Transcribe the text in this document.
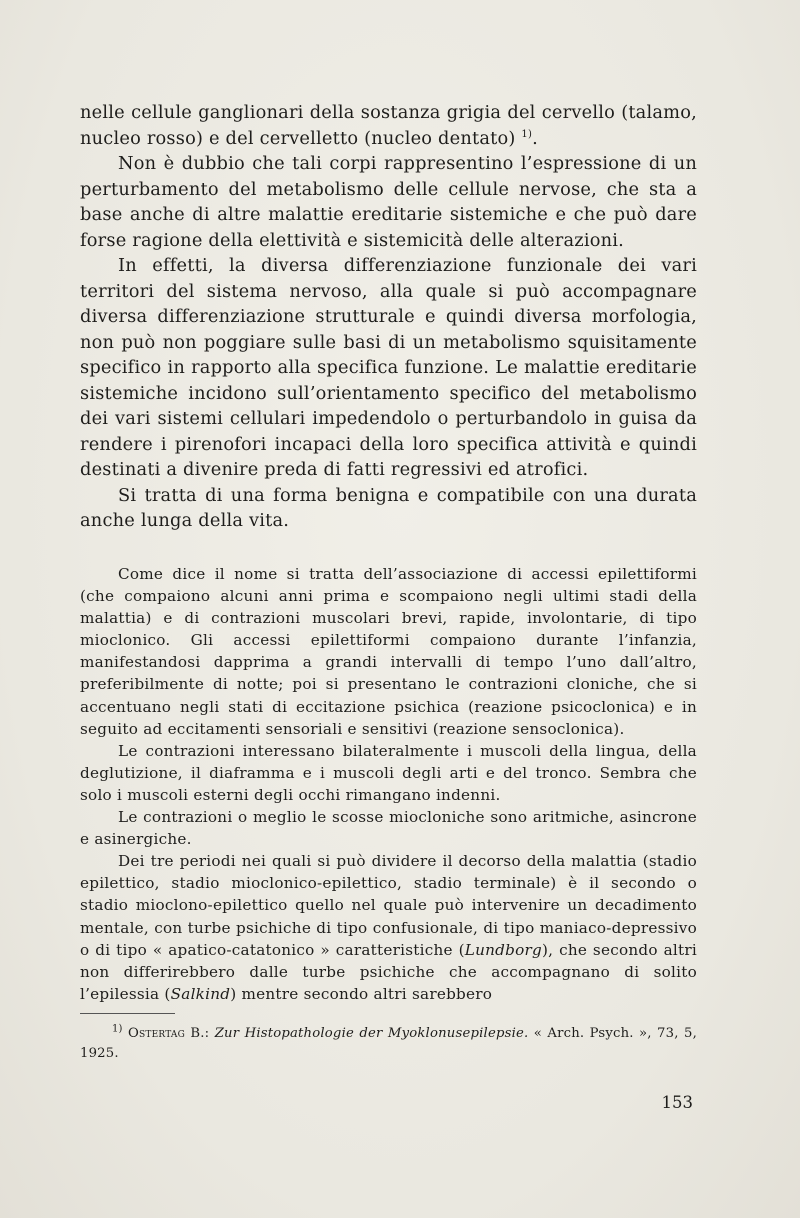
nelle cellule ganglionari della sostanza grigia del cervello (talamo, nucleo rosso) e del cervelletto (nucleo dentato) $^{1)}$.

Non è dubbio che tali corpi rappresentino l’espressione di un perturbamento del metabolismo delle cellule nervose, che sta a base anche di altre malattie ereditarie sistemiche e che può dare forse ragione della elettività e sistemicità delle alterazioni.

In effetti, la diversa differenziazione funzionale dei vari territori del sistema nervoso, alla quale si può accompagnare diversa differenziazione strutturale e quindi diversa morfologia, non può non poggiare sulle basi di un metabolismo squisitamente specifico in rapporto alla specifica funzione. Le malattie ereditarie sistemiche incidono sull’orientamento specifico del metabolismo dei vari sistemi cellulari impedendolo o perturbandolo in guisa da rendere i pirenofori incapaci della loro specifica attività e quindi destinati a divenire preda di fatti regressivi ed atrofici.

Si tratta di una forma benigna e compatibile con una durata anche lunga della vita.

Come dice il nome si tratta dell’associazione di accessi epilettiformi (che compaiono alcuni anni prima e scompaiono negli ultimi stadi della malattia) e di contrazioni muscolari brevi, rapide, involontarie, di tipo mioclonico. Gli accessi epilettiformi compaiono durante l’infanzia, manifestandosi dapprima a grandi intervalli di tempo l’uno dall’altro, preferibilmente di notte; poi si presentano le contrazioni cloniche, che si accentuano negli stati di eccitazione psichica (reazione psicoclonica) e in seguito ad eccitamenti sensoriali e sensitivi (reazione sensoclonica).

Le contrazioni interessano bilateralmente i muscoli della lingua, della deglutizione, il diaframma e i muscoli degli arti e del tronco. Sembra che solo i muscoli esterni degli occhi rimangano indenni.

Le contrazioni o meglio le scosse miocloniche sono aritmiche, asincrone e asinergiche.

Dei tre periodi nei quali si può dividere il decorso della malattia (stadio epilettico, stadio mioclonico-epilettico, stadio terminale) è il secondo o stadio mioclono-epilettico quello nel quale può intervenire un decadimento mentale, con turbe psichiche di tipo confusionale, di tipo maniaco-depressivo o di tipo « apatico-catatonico » caratteristiche (Lundborg), che secondo altri non differirebbero dalle turbe psichiche che accompagnano di solito l’epilessia (Salkind) mentre secondo altri sarebbero

$^{1)}$ Ostertag B.: Zur Histopathologie der Myoklonusepilepsie. « Arch. Psych. », 73, 5, 1925.
153
